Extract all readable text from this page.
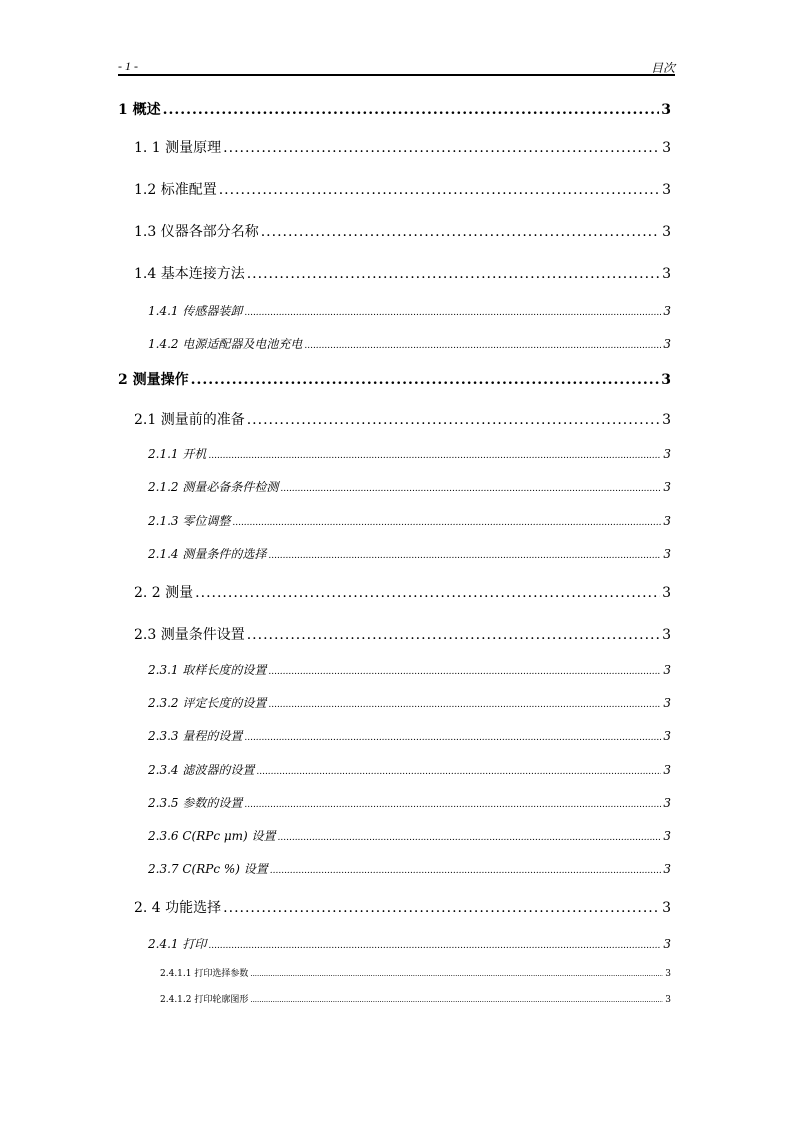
- 1 -	目次
1 概述 .....	3
1. 1 测量原理 .....	3
1.2 标准配置 .....	3
1.3 仪器各部分名称 .....	3
1.4 基本连接方法 .....	3
1.4.1 传感器装卸 .....	3
1.4.2 电源适配器及电池充电 .....	3
2 测量操作 .....	3
2.1 测量前的准备 .....	3
2.1.1 开机 .....	3
2.1.2 测量必备条件检测 .....	3
2.1.3 零位调整 .....	3
2.1.4 测量条件的选择 .....	3
2. 2 测量 .....	3
2.3 测量条件设置 .....	3
2.3.1 取样长度的设置 .....	3
2.3.2 评定长度的设置 .....	3
2.3.3 量程的设置 .....	3
2.3.4 滤波器的设置 .....	3
2.3.5 参数的设置 .....	3
2.3.6 C(RPc μm) 设置 .....	3
2.3.7 C(RPc %) 设置 .....	3
2. 4 功能选择 .....	3
2.4.1 打印 .....	3
2.4.1.1 打印选择参数 .....	3
2.4.1.2 打印轮廓图形 .....	3
